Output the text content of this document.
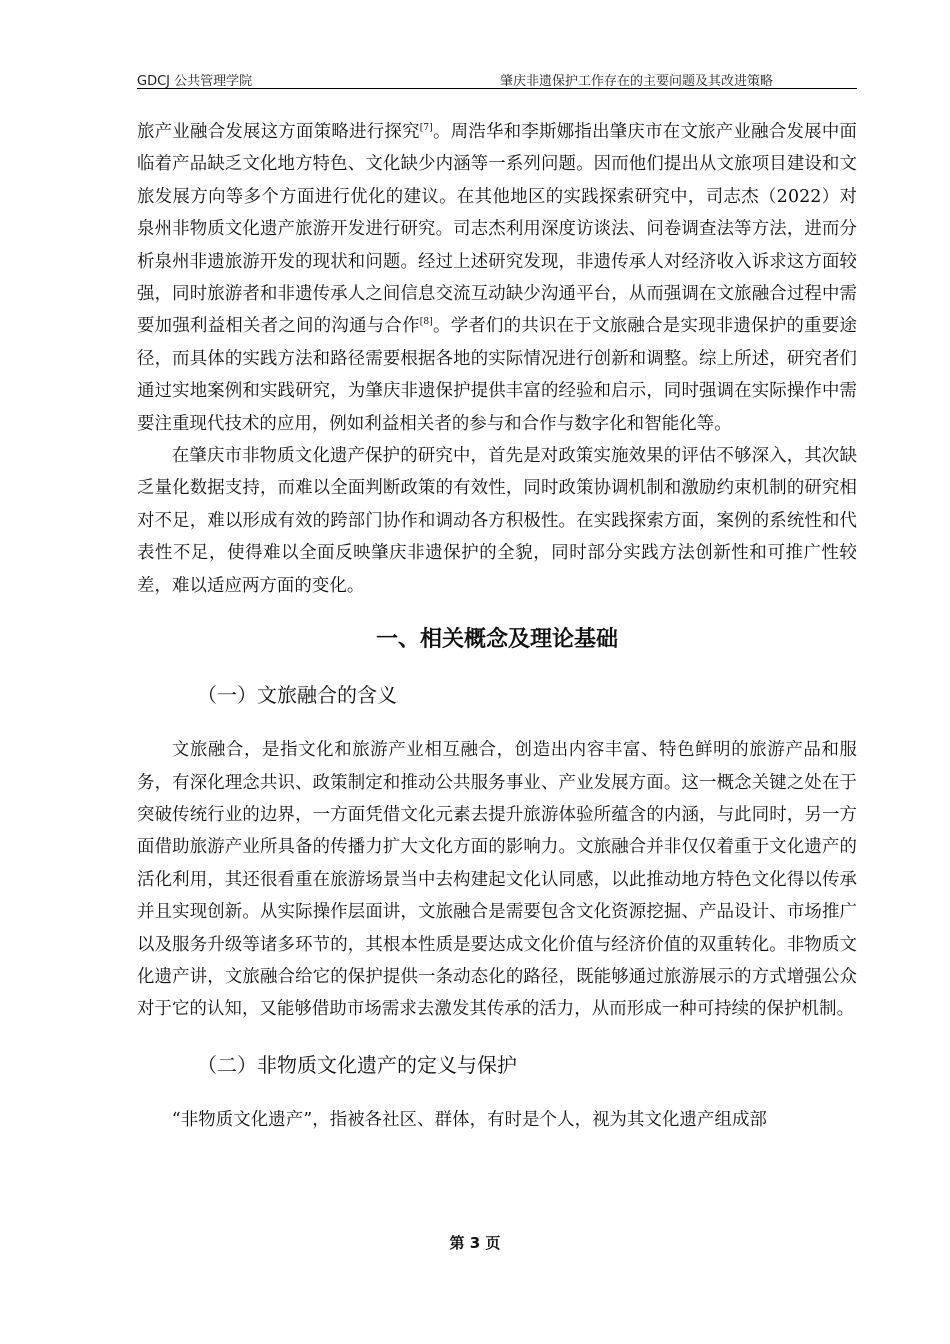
GDCJ 公共管理学院	肇庆非遗保护工作存在的主要问题及其改进策略

旅产业融合发展这方面策略进行探究[7]。周浩华和李斯娜指出肇庆市在文旅产业融合发展中面临着产品缺乏文化地方特色、文化缺少内涵等一系列问题。因而他们提出从文旅项目建设和文旅发展方向等多个方面进行优化的建议。在其他地区的实践探索研究中，司志杰（2022）对泉州非物质文化遗产旅游开发进行研究。司志杰利用深度访谈法、问卷调查法等方法，进而分析泉州非遗旅游开发的现状和问题。经过上述研究发现，非遗传承人对经济收入诉求这方面较强，同时旅游者和非遗传承人之间信息交流互动缺少沟通平台，从而强调在文旅融合过程中需要加强利益相关者之间的沟通与合作[8]。学者们的共识在于文旅融合是实现非遗保护的重要途径，而具体的实践方法和路径需要根据各地的实际情况进行创新和调整。综上所述，研究者们通过实地案例和实践研究，为肇庆非遗保护提供丰富的经验和启示，同时强调在实际操作中需要注重现代技术的应用，例如利益相关者的参与和合作与数字化和智能化等。

在肇庆市非物质文化遗产保护的研究中，首先是对政策实施效果的评估不够深入，其次缺乏量化数据支持，而难以全面判断政策的有效性，同时政策协调机制和激励约束机制的研究相对不足，难以形成有效的跨部门协作和调动各方积极性。在实践探索方面，案例的系统性和代表性不足，使得难以全面反映肇庆非遗保护的全貌，同时部分实践方法创新性和可推广性较差，难以适应两方面的变化。

一、相关概念及理论基础
（一）文旅融合的含义

文旅融合，是指文化和旅游产业相互融合，创造出内容丰富、特色鲜明的旅游产品和服务，有深化理念共识、政策制定和推动公共服务事业、产业发展方面。这一概念关键之处在于突破传统行业的边界，一方面凭借文化元素去提升旅游体验所蕴含的内涵，与此同时，另一方面借助旅游产业所具备的传播力扩大文化方面的影响力。文旅融合并非仅仅着重于文化遗产的活化利用，其还很看重在旅游场景当中去构建起文化认同感，以此推动地方特色文化得以传承并且实现创新。从实际操作层面讲，文旅融合是需要包含文化资源挖掘、产品设计、市场推广以及服务升级等诸多环节的，其根本性质是要达成文化价值与经济价值的双重转化。非物质文化遗产讲，文旅融合给它的保护提供一条动态化的路径，既能够通过旅游展示的方式增强公众对于它的认知，又能够借助市场需求去激发其传承的活力，从而形成一种可持续的保护机制。

（二）非物质文化遗产的定义与保护

“非物质文化遗产”，指被各社区、群体，有时是个人，视为其文化遗产组成部

第 3 页
